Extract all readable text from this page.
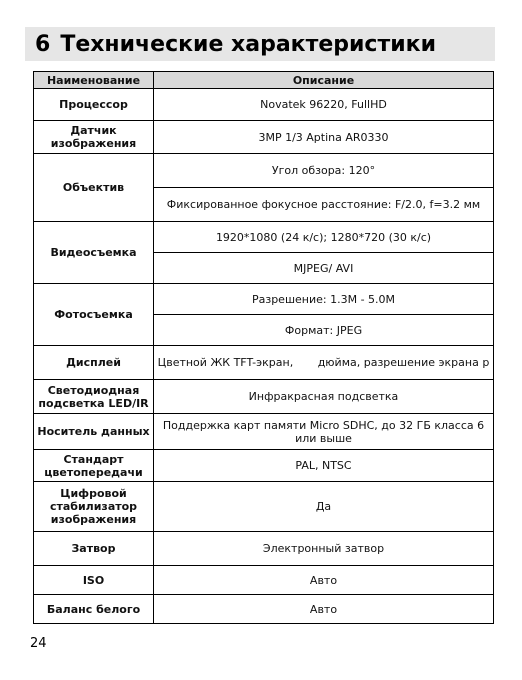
6 Технические характеристики
Наименование	Описание
Процессор	Novatek 96220, FullHD
Датчик изображения	3MP 1/3 Aptina AR0330
Объектив	Угол обзора: 120°
	Фиксированное фокусное расстояние: F/2.0, f=3.2 мм
Видеосъемка	1920*1080 (24 к/с); 1280*720 (30 к/с)
	MJPEG/ AVI
Фотосъемка	Разрешение: 1.3M - 5.0M
	Формат: JPEG
Дисплей	Цветной ЖК TFT-экран,       дюйма, разрешение экрана р
Светодиодная подсветка LED/IR	Инфракрасная подсветка
Носитель данных	Поддержка карт памяти Micro SDHC, до 32 ГБ класса 6 или выше
Стандарт цветопередачи	PAL, NTSC
Цифровой стабилизатор изображения	Да
Затвор	Электронный затвор
ISO	Авто
Баланс белого	Авто
24
